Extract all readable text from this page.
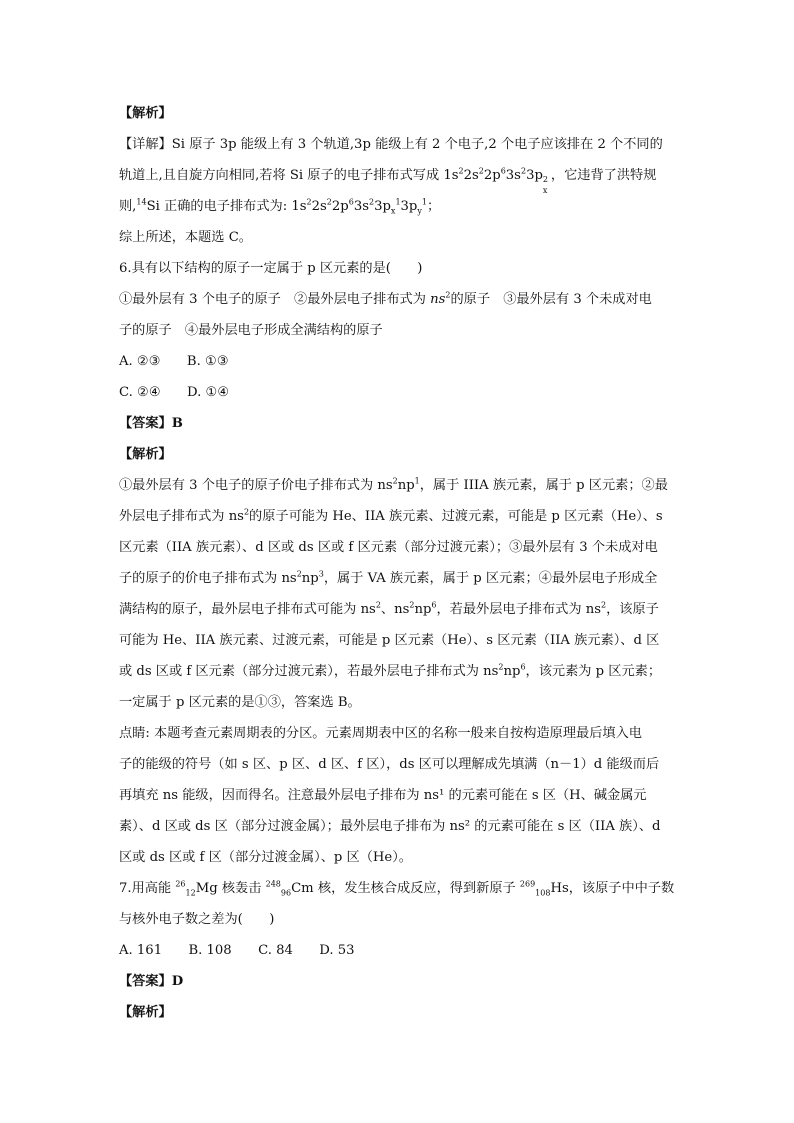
【解析】
【详解】Si 原子 3p 能级上有 3 个轨道,3p 能级上有 2 个电子,2 个电子应该排在 2 个不同的
轨道上,且自旋方向相同,若将 Si 原子的电子排布式写成 $1s^22s^22p^63s^23p$ 2
x
，它违背了洪特规
则,$^{14}$Si 正确的电子排布式为: $1s^22s^22p^63s^23p_x^13p_y^1$；
综上所述，本题选 C。
6.具有以下结构的原子一定属于 p 区元素的是(　　)
①最外层有 3 个电子的原子　②最外层电子排布式为 $ns^2$的原子　③最外层有 3 个未成对电
子的原子　④最外层电子形成全满结构的原子
A. ②③　　B. ①③
C. ②④　　D. ①④
【答案】B
【解析】
①最外层有 3 个电子的原子价电子排布式为 $ns^2np^1$，属于 IIIA 族元素，属于 p 区元素；②最
外层电子排布式为 $ns^2$的原子可能为 He、IIA 族元素、过渡元素，可能是 p 区元素（He）、s
区元素（IIA 族元素）、d 区或 ds 区或 f 区元素（部分过渡元素）；③最外层有 3 个未成对电
子的原子的价电子排布式为 $ns^2np^3$，属于 VA 族元素，属于 p 区元素；④最外层电子形成全
满结构的原子，最外层电子排布式可能为 $ns^2$、$ns^2np^6$，若最外层电子排布式为 $ns^2$，该原子
可能为 He、IIA 族元素、过渡元素，可能是 p 区元素（He）、s 区元素（IIA 族元素）、d 区
或 ds 区或 f 区元素（部分过渡元素），若最外层电子排布式为 $ns^2np^6$，该元素为 p 区元素；
一定属于 p 区元素的是①③，答案选 B。
点睛: 本题考查元素周期表的分区。元素周期表中区的名称一般来自按构造原理最后填入电
子的能级的符号（如 s 区、p 区、d 区、f 区），ds 区可以理解成先填满（n－1）d 能级而后
再填充 ns 能级，因而得名。注意最外层电子排布为 ns¹ 的元素可能在 s 区（H、碱金属元
素）、d 区或 ds 区（部分过渡金属）；最外层电子排布为 ns² 的元素可能在 s 区（IIA 族）、d
区或 ds 区或 f 区（部分过渡金属）、p 区（He）。
7.用高能 $^{26}_{12}$Mg 核轰击 $^{248}_{96}$Cm 核，发生核合成反应，得到新原子 $^{269}_{108}$Hs，该原子中中子数
与核外电子数之差为(　　)
A. 161　　B. 108　　C. 84　　D. 53
【答案】D
【解析】
